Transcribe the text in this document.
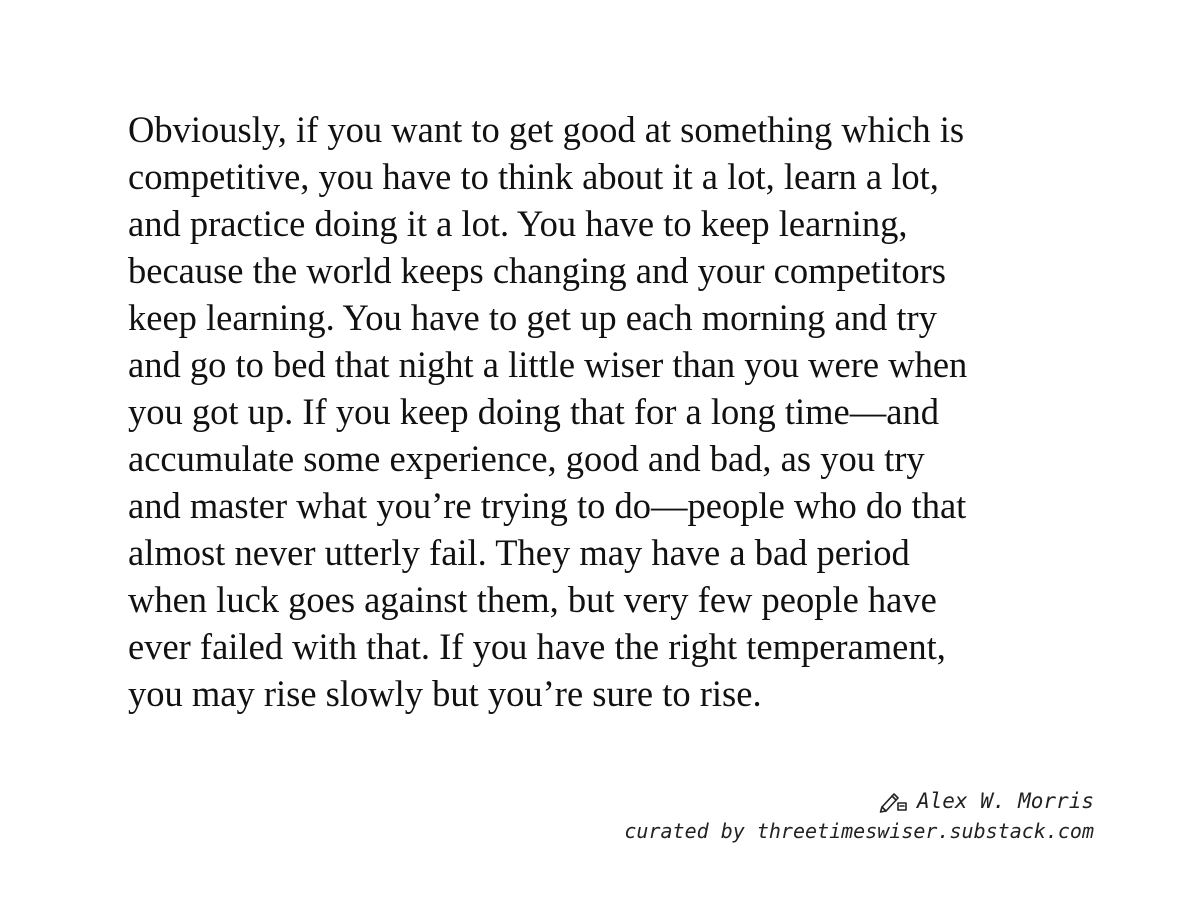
Obviously, if you want to get good at something which is
competitive, you have to think about it a lot, learn a lot,
and practice doing it a lot. You have to keep learning,
because the world keeps changing and your competitors
keep learning. You have to get up each morning and try
and go to bed that night a little wiser than you were when
you got up. If you keep doing that for a long time—and
accumulate some experience, good and bad, as you try
and master what you’re trying to do—people who do that
almost never utterly fail. They may have a bad period
when luck goes against them, but very few people have
ever failed with that. If you have the right temperament,
you may rise slowly but you’re sure to rise.

Alex W. Morris
curated by threetimeswiser.substack.com
